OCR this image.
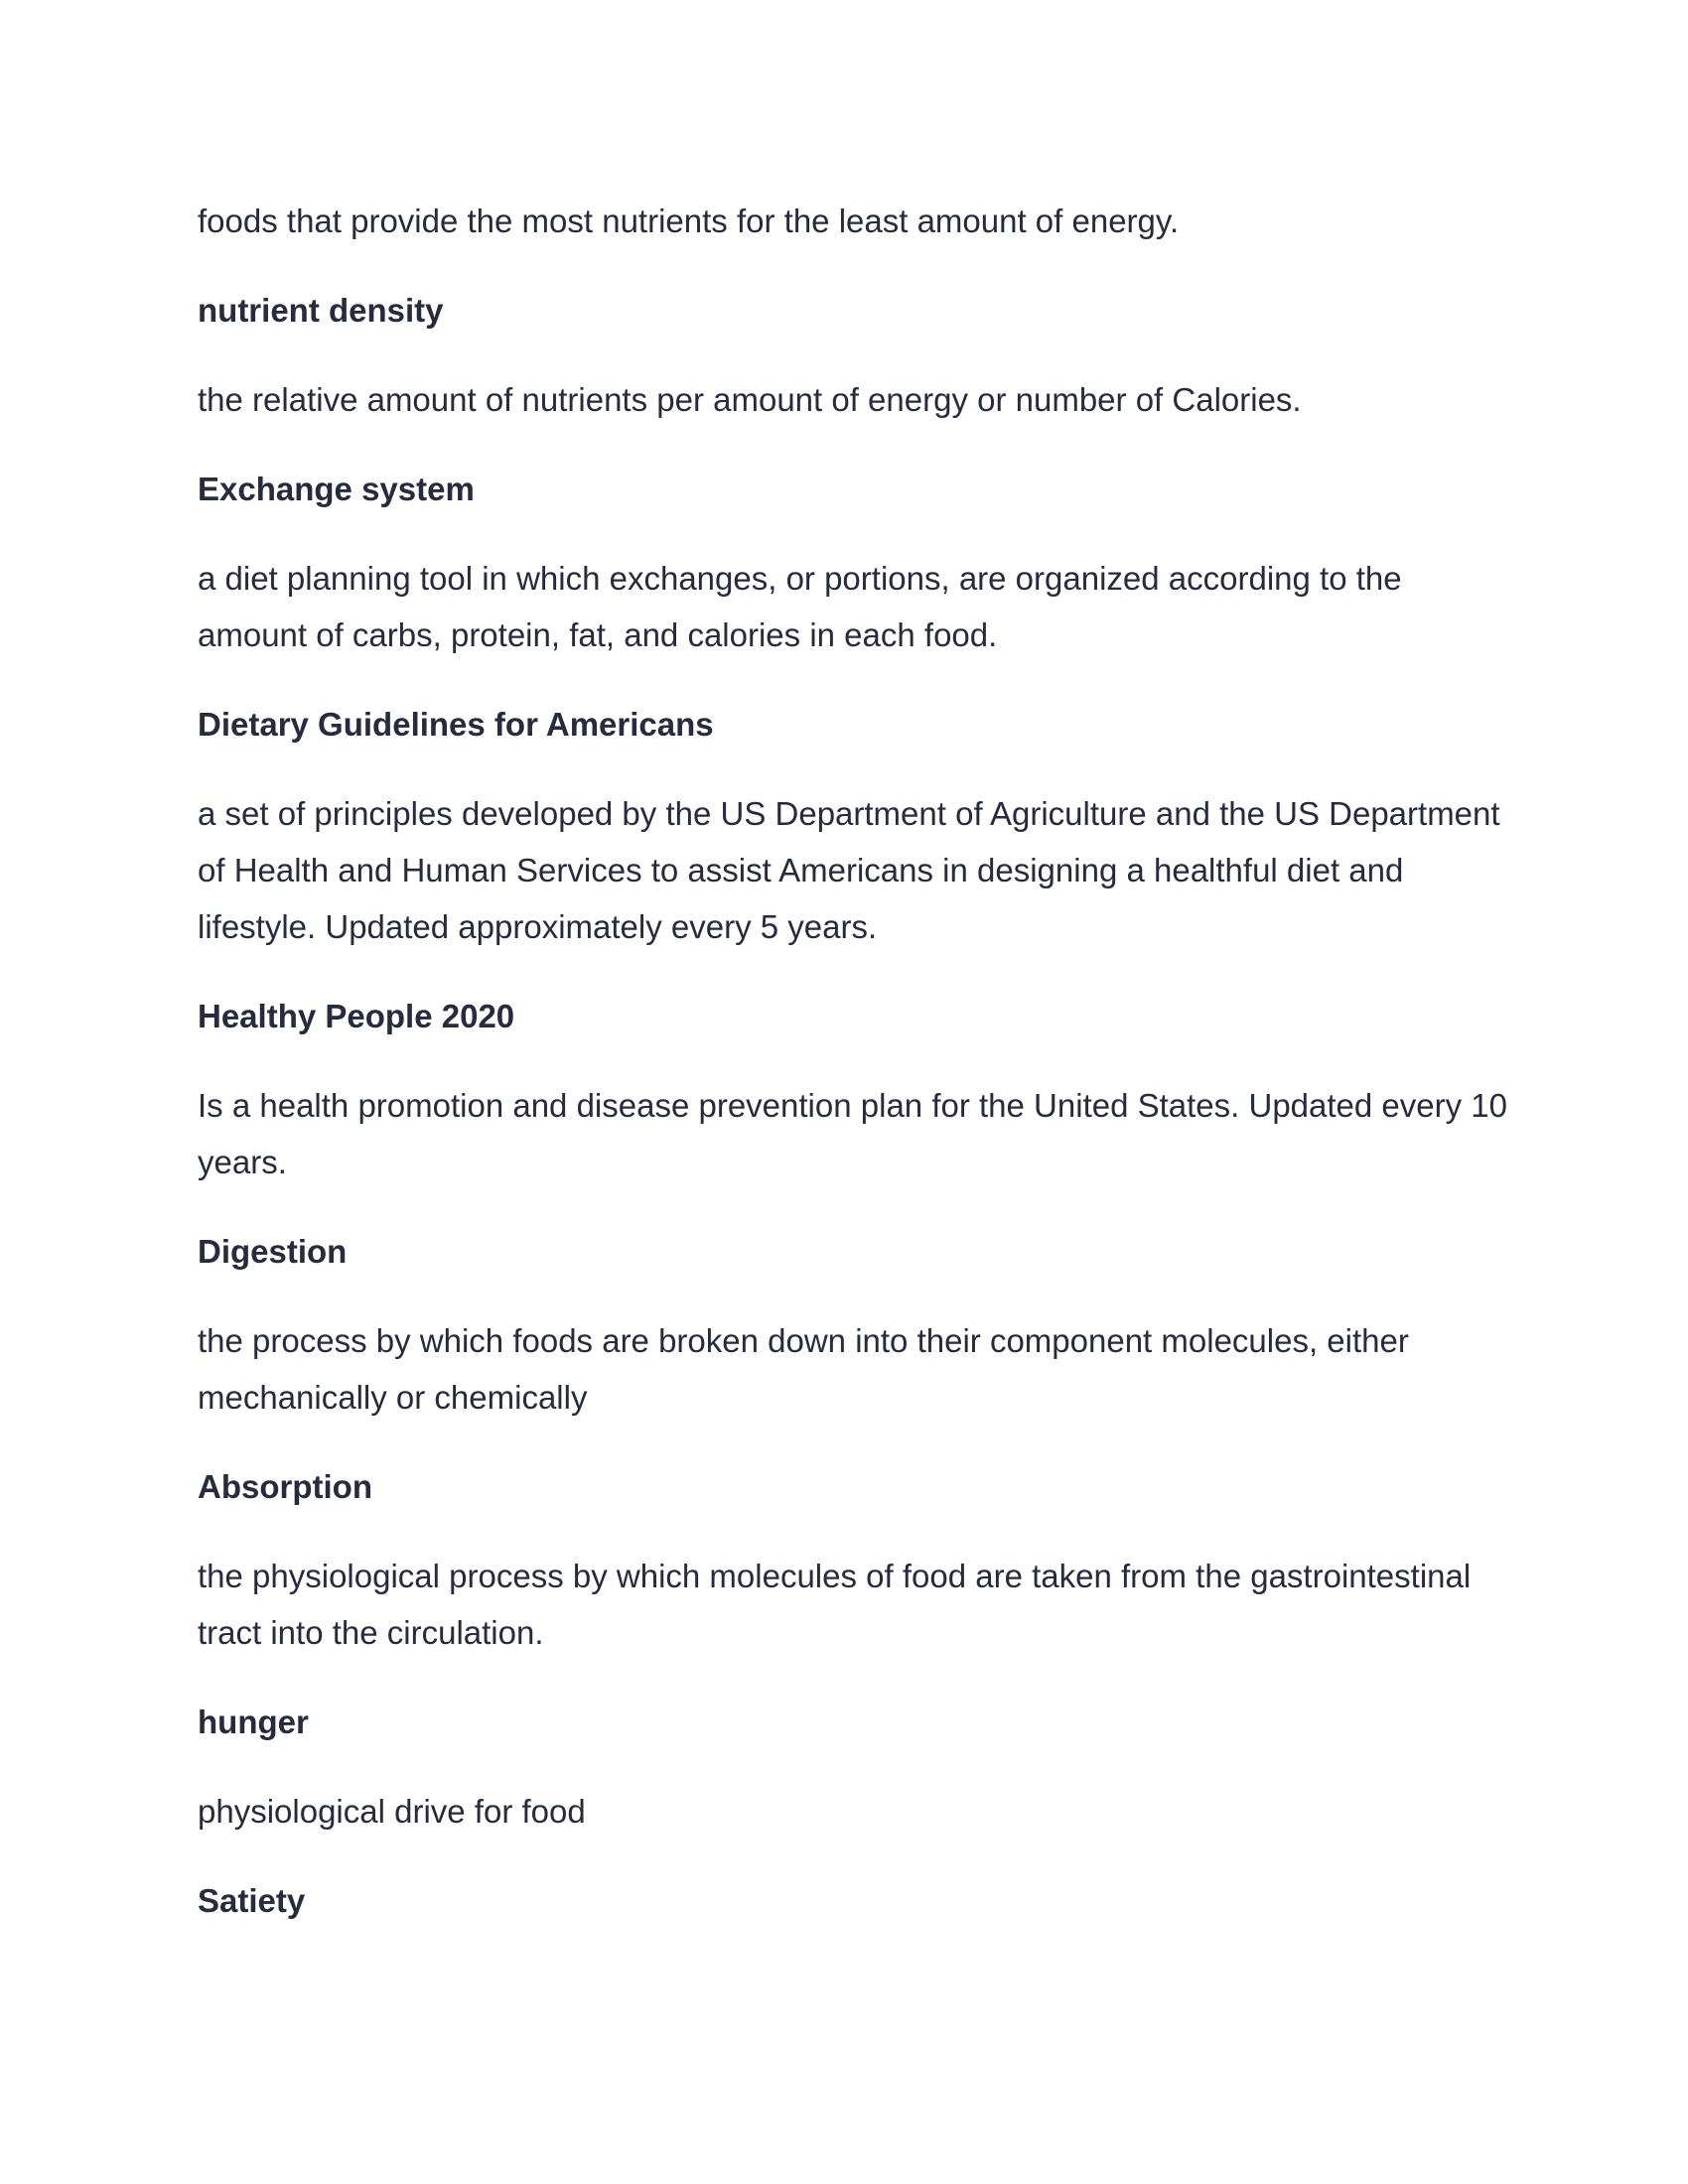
foods that provide the most nutrients for the least amount of energy.

nutrient density

the relative amount of nutrients per amount of energy or number of Calories.

Exchange system

a diet planning tool in which exchanges, or portions, are organized according to the amount of carbs, protein, fat, and calories in each food.

Dietary Guidelines for Americans

a set of principles developed by the US Department of Agriculture and the US Department of Health and Human Services to assist Americans in designing a healthful diet and lifestyle. Updated approximately every 5 years.

Healthy People 2020

Is a health promotion and disease prevention plan for the United States. Updated every 10 years.

Digestion

the process by which foods are broken down into their component molecules, either mechanically or chemically

Absorption

the physiological process by which molecules of food are taken from the gastrointestinal tract into the circulation.

hunger

physiological drive for food

Satiety
